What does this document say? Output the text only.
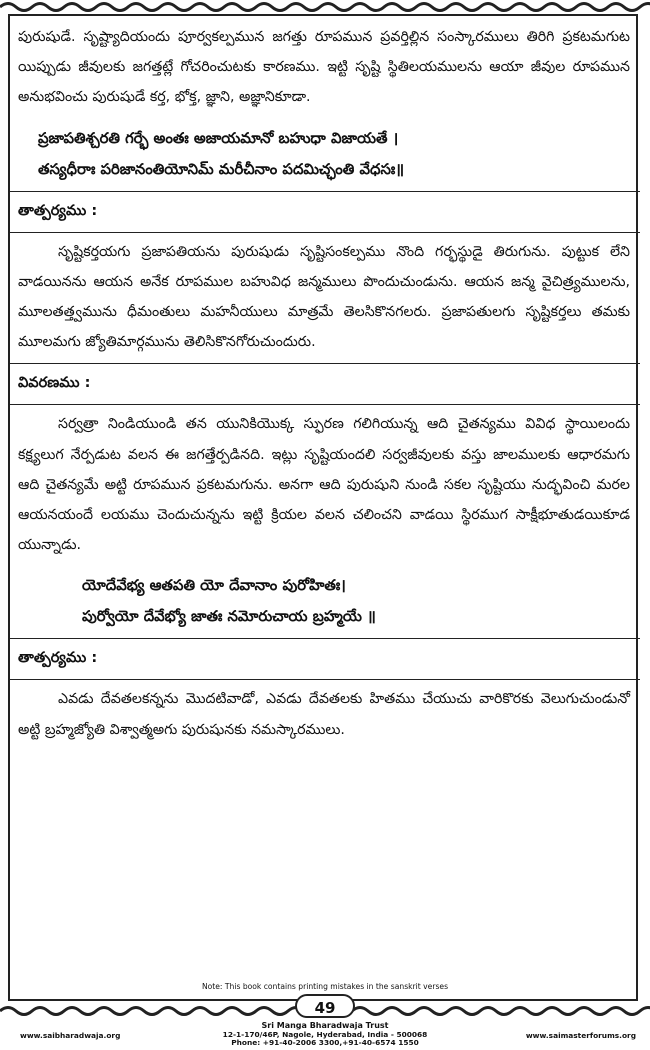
పురుషుడే. సృష్ట్యాదియందు పూర్వకల్పమున జగత్తు రూపమున ప్రవర్తిల్లిన సంస్కారములు తిరిగి ప్రకటమగుట యిప్పుడు జీవులకు జగత్తట్లే గోచరించుటకు కారణము. ఇట్టి సృష్టి స్థితిలయములను ఆయా జీవుల రూపమున అనుభవించు పురుషుడే కర్త, భోక్త, జ్ఞాని, అజ్ఞానికూడా.

ప్రజాపతిశ్చరతి గర్భే అంతః అజాయమానో బహుధా విజాయతే ।
తస్యధీరాః పరిజానంతియోనిమ్ మరీచీనాం పదమిచ్ఛంతి వేధసః॥
తాత్పర్యము :

సృష్టికర్తయగు ప్రజాపతియను పురుషుడు సృష్టిసంకల్పము నొంది గర్భస్థుడై తిరుగును. పుట్టుక లేని వాడయినను ఆయన అనేక రూపముల బహువిధ జన్మములు పొందుచుండును. ఆయన జన్మ వైచిత్ర్యములను, మూలతత్త్వమును ధీమంతులు మహనీయులు మాత్రమే తెలసికొనగలరు. ప్రజాపతులగు సృష్టికర్తలు తమకు మూలమగు జ్యోతిమార్గమును తెలిసికొనగోరుచుందురు.

వివరణము :

సర్వత్రా నిండియుండి తన యునికియొక్క స్ఫురణ గలిగియున్న ఆది చైతన్యము వివిధ స్థాయిలందు కక్ష్యలుగ నేర్పడుట వలన ఈ జగత్తేర్పడినది. ఇట్లు సృష్టియందలి సర్వజీవులకు వస్తు జాలములకు ఆధారమగు ఆది చైతన్యమే అట్టి రూపమున ప్రకటమగును. అనగా ఆది పురుషుని నుండి సకల సృష్టియు నుద్భవించి మరల ఆయనయందే లయము చెందుచున్నను ఇట్టి క్రియల వలన చలించని వాడయి స్థిరముగ సాక్షీభూతుడయికూడ యున్నాడు.

యోదేవేభ్య ఆతపతి యో దేవానాం పురోహితః।
పుర్వోయో దేవేభ్యో జాతః నమోరుచాయ బ్రహ్మయే ॥
తాత్పర్యము :

ఎవడు దేవతలకన్నను మొదటివాడో, ఎవడు దేవతలకు హితము చేయుచు వారికొరకు వెలుగుచుండునో అట్టి బ్రహ్మజ్యోతి విశ్వాత్మఅగు పురుషునకు నమస్కారములు.

Note: This book contains printing mistakes in the sanskrit verses
49
www.saibharadwaja.org
Sri Manga Bharadwaja Trust
12-1-170/46P, Nagole, Hyderabad, India - 500068
Phone: +91-40-2006 3300,+91-40-6574 1550
www.saimasterforums.org
